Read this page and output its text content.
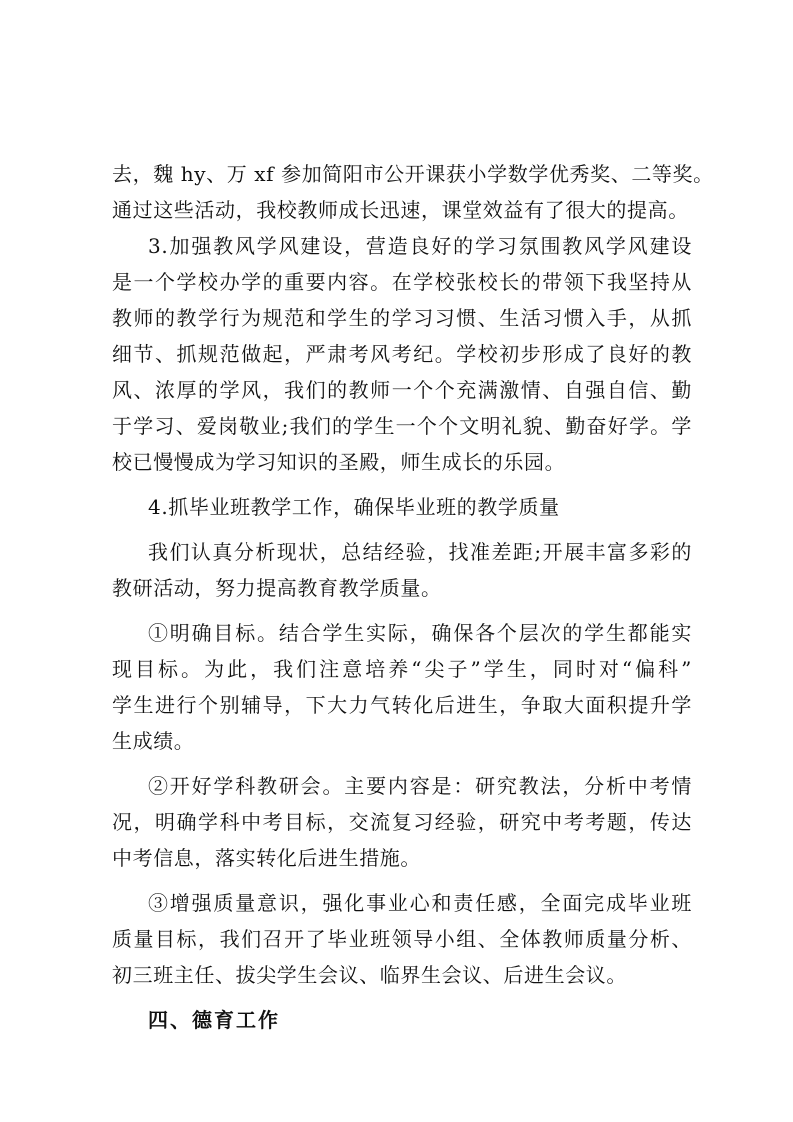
去，魏 hy、万 xf 参加简阳市公开课获小学数学优秀奖、二等奖。
通过这些活动，我校教师成长迅速，课堂效益有了很大的提高。
3.加强教风学风建设，营造良好的学习氛围教风学风建设
是一个学校办学的重要内容。在学校张校长的带领下我坚持从
教师的教学行为规范和学生的学习习惯、生活习惯入手，从抓
细节、抓规范做起，严肃考风考纪。学校初步形成了良好的教
风、浓厚的学风，我们的教师一个个充满激情、自强自信、勤
于学习、爱岗敬业;我们的学生一个个文明礼貌、勤奋好学。学
校已慢慢成为学习知识的圣殿，师生成长的乐园。
4.抓毕业班教学工作，确保毕业班的教学质量
我们认真分析现状，总结经验，找准差距;开展丰富多彩的
教研活动，努力提高教育教学质量。
①明确目标。结合学生实际，确保各个层次的学生都能实
现目标。为此，我们注意培养“尖子”学生，同时对“偏科”
学生进行个别辅导，下大力气转化后进生，争取大面积提升学
生成绩。
②开好学科教研会。主要内容是：研究教法，分析中考情
况，明确学科中考目标，交流复习经验，研究中考考题，传达
中考信息，落实转化后进生措施。
③增强质量意识，强化事业心和责任感，全面完成毕业班
质量目标，我们召开了毕业班领导小组、全体教师质量分析、
初三班主任、拔尖学生会议、临界生会议、后进生会议。
四、德育工作
